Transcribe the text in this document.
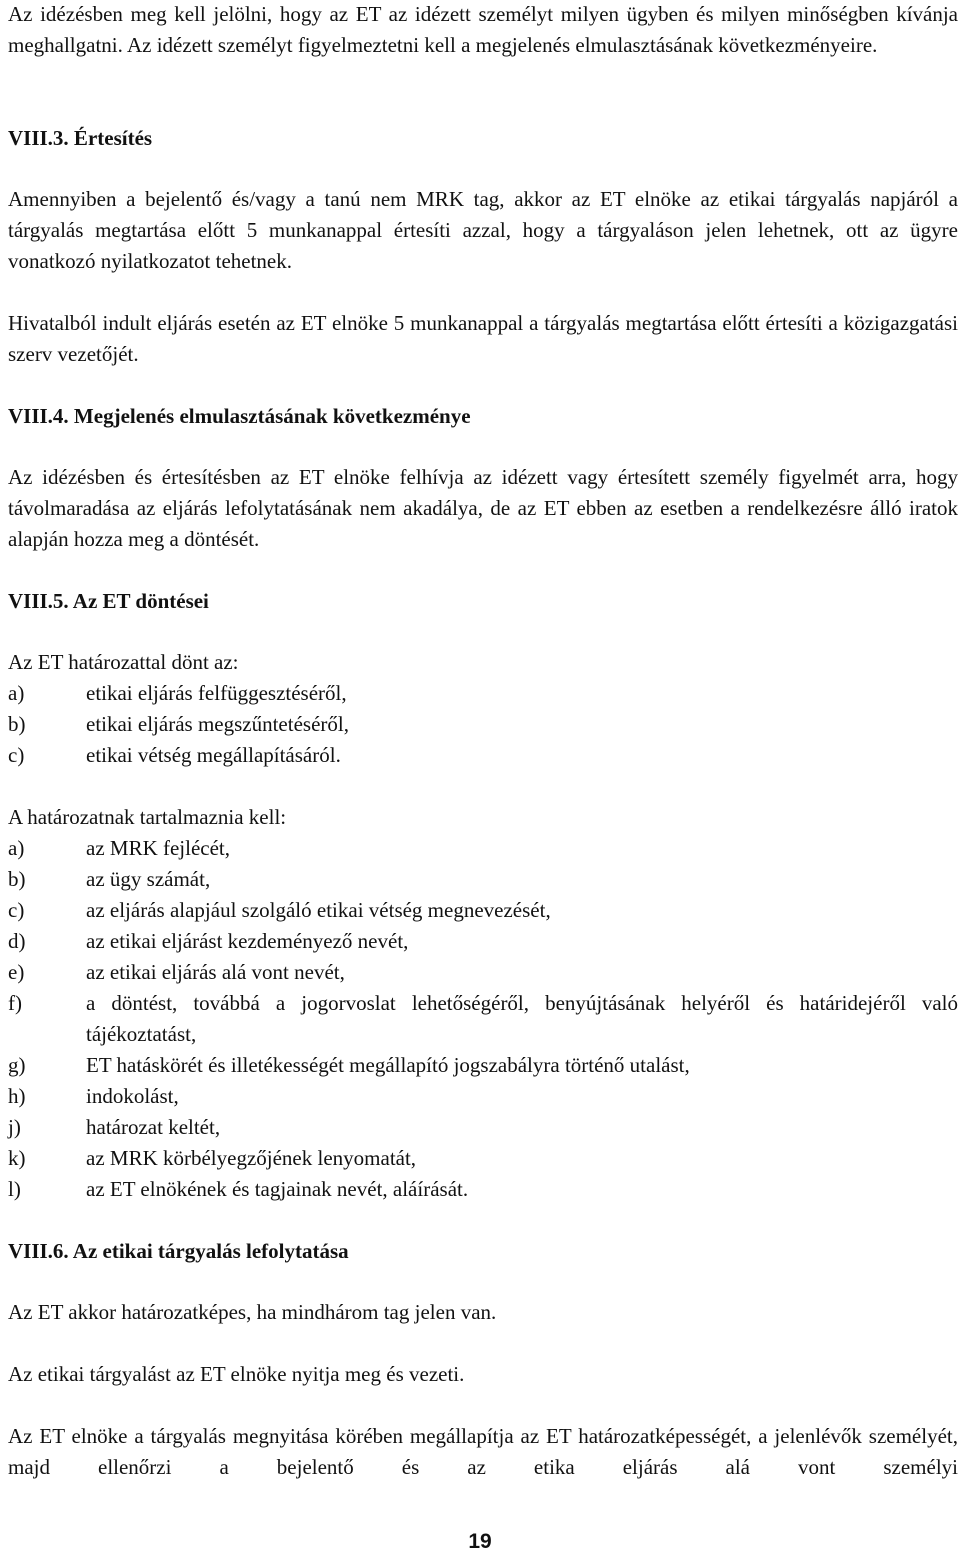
Az idézésben meg kell jelölni, hogy az ET az idézett személyt milyen ügyben és milyen minőségben kívánja meghallgatni. Az idézett személyt figyelmeztetni kell a megjelenés elmulasztásának következményeire.

VIII.3. Értesítés

Amennyiben a bejelentő és/vagy a tanú nem MRK tag, akkor az ET elnöke az etikai tárgyalás napjáról a tárgyalás megtartása előtt 5 munkanappal értesíti azzal, hogy a tárgyaláson jelen lehetnek, ott az ügyre vonatkozó nyilatkozatot tehetnek.

Hivatalból indult eljárás esetén az ET elnöke 5 munkanappal a tárgyalás megtartása előtt értesíti a közigazgatási szerv vezetőjét.

VIII.4. Megjelenés elmulasztásának következménye

Az idézésben és értesítésben az ET elnöke felhívja az idézett vagy értesített személy figyelmét arra, hogy távolmaradása az eljárás lefolytatásának nem akadálya, de az ET ebben az esetben a rendelkezésre álló iratok alapján hozza meg a döntését.

VIII.5. Az ET döntései

Az ET határozattal dönt az:

a)	etikai eljárás felfüggesztéséről,
b)	etikai eljárás megszűntetéséről,
c)	etikai vétség megállapításáról.

A határozatnak tartalmaznia kell:

a)	az MRK fejlécét,
b)	az ügy számát,
c)	az eljárás alapjául szolgáló etikai vétség megnevezését,
d)	az etikai eljárást kezdeményező nevét,
e)	az etikai eljárás alá vont nevét,
f)	a döntést, továbbá a jogorvoslat lehetőségéről, benyújtásának helyéről és határidejéről való tájékoztatást,
g)	ET hatáskörét és illetékességét megállapító jogszabályra történő utalást,
h)	indokolást,
j)	határozat keltét,
k)	az MRK körbélyegzőjének lenyomatát,
l)	az ET elnökének és tagjainak nevét, aláírását.
VIII.6. Az etikai tárgyalás lefolytatása

Az ET akkor határozatképes, ha mindhárom tag jelen van.

Az etikai tárgyalást az ET elnöke nyitja meg és vezeti.

Az ET elnöke a tárgyalás megnyitása körében megállapítja az ET határozatképességét, a jelenlévők személyét, majd ellenőrzi a bejelentő és az etika eljárás alá vont személyi

19
